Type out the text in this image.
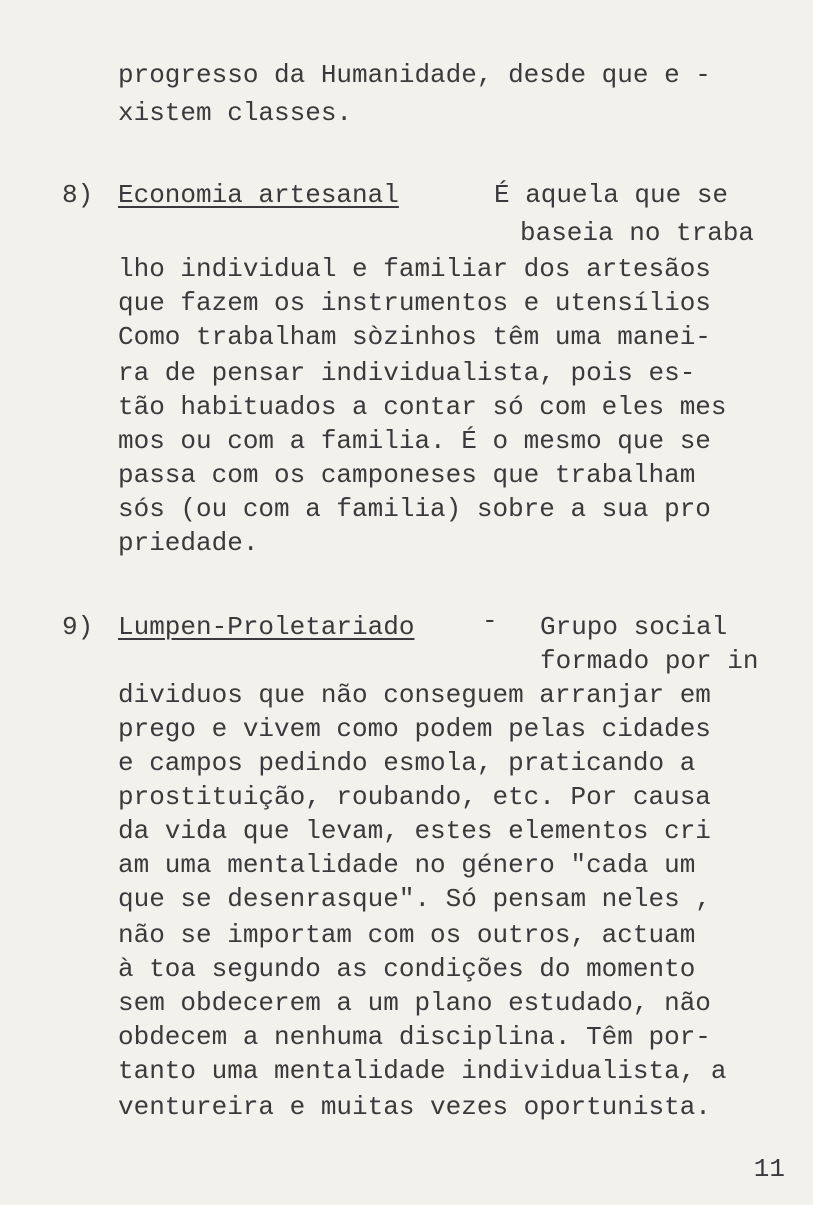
progresso da Humanidade, desde que e -
xistem classes.
8) Economia artesanal	É aquela que se
baseia no traba
lho individual e familiar dos artesãos
que fazem os instrumentos e utensílios
Como trabalham sòzinhos têm uma manei-
ra de pensar individualista, pois es-
tão habituados a contar só com eles mes
mos ou com a familia. É o mesmo que se
passa com os camponeses que trabalham
sós (ou com a familia) sobre a sua pro
priedade.
9) Lumpen-Proletariado	- Grupo social
formado por in
dividuos que não conseguem arranjar em
prego e vivem como podem pelas cidades
e campos pedindo esmola, praticando a
prostituição, roubando, etc. Por causa
da vida que levam, estes elementos cri
am uma mentalidade no género "cada um
que se desenrasque". Só pensam neles ,
não se importam com os outros, actuam
à toa segundo as condições do momento
sem obdecerem a um plano estudado, não
obdecem a nenhuma disciplina. Têm por-
tanto uma mentalidade individualista, a
ventureira e muitas vezes oportunista.
11
